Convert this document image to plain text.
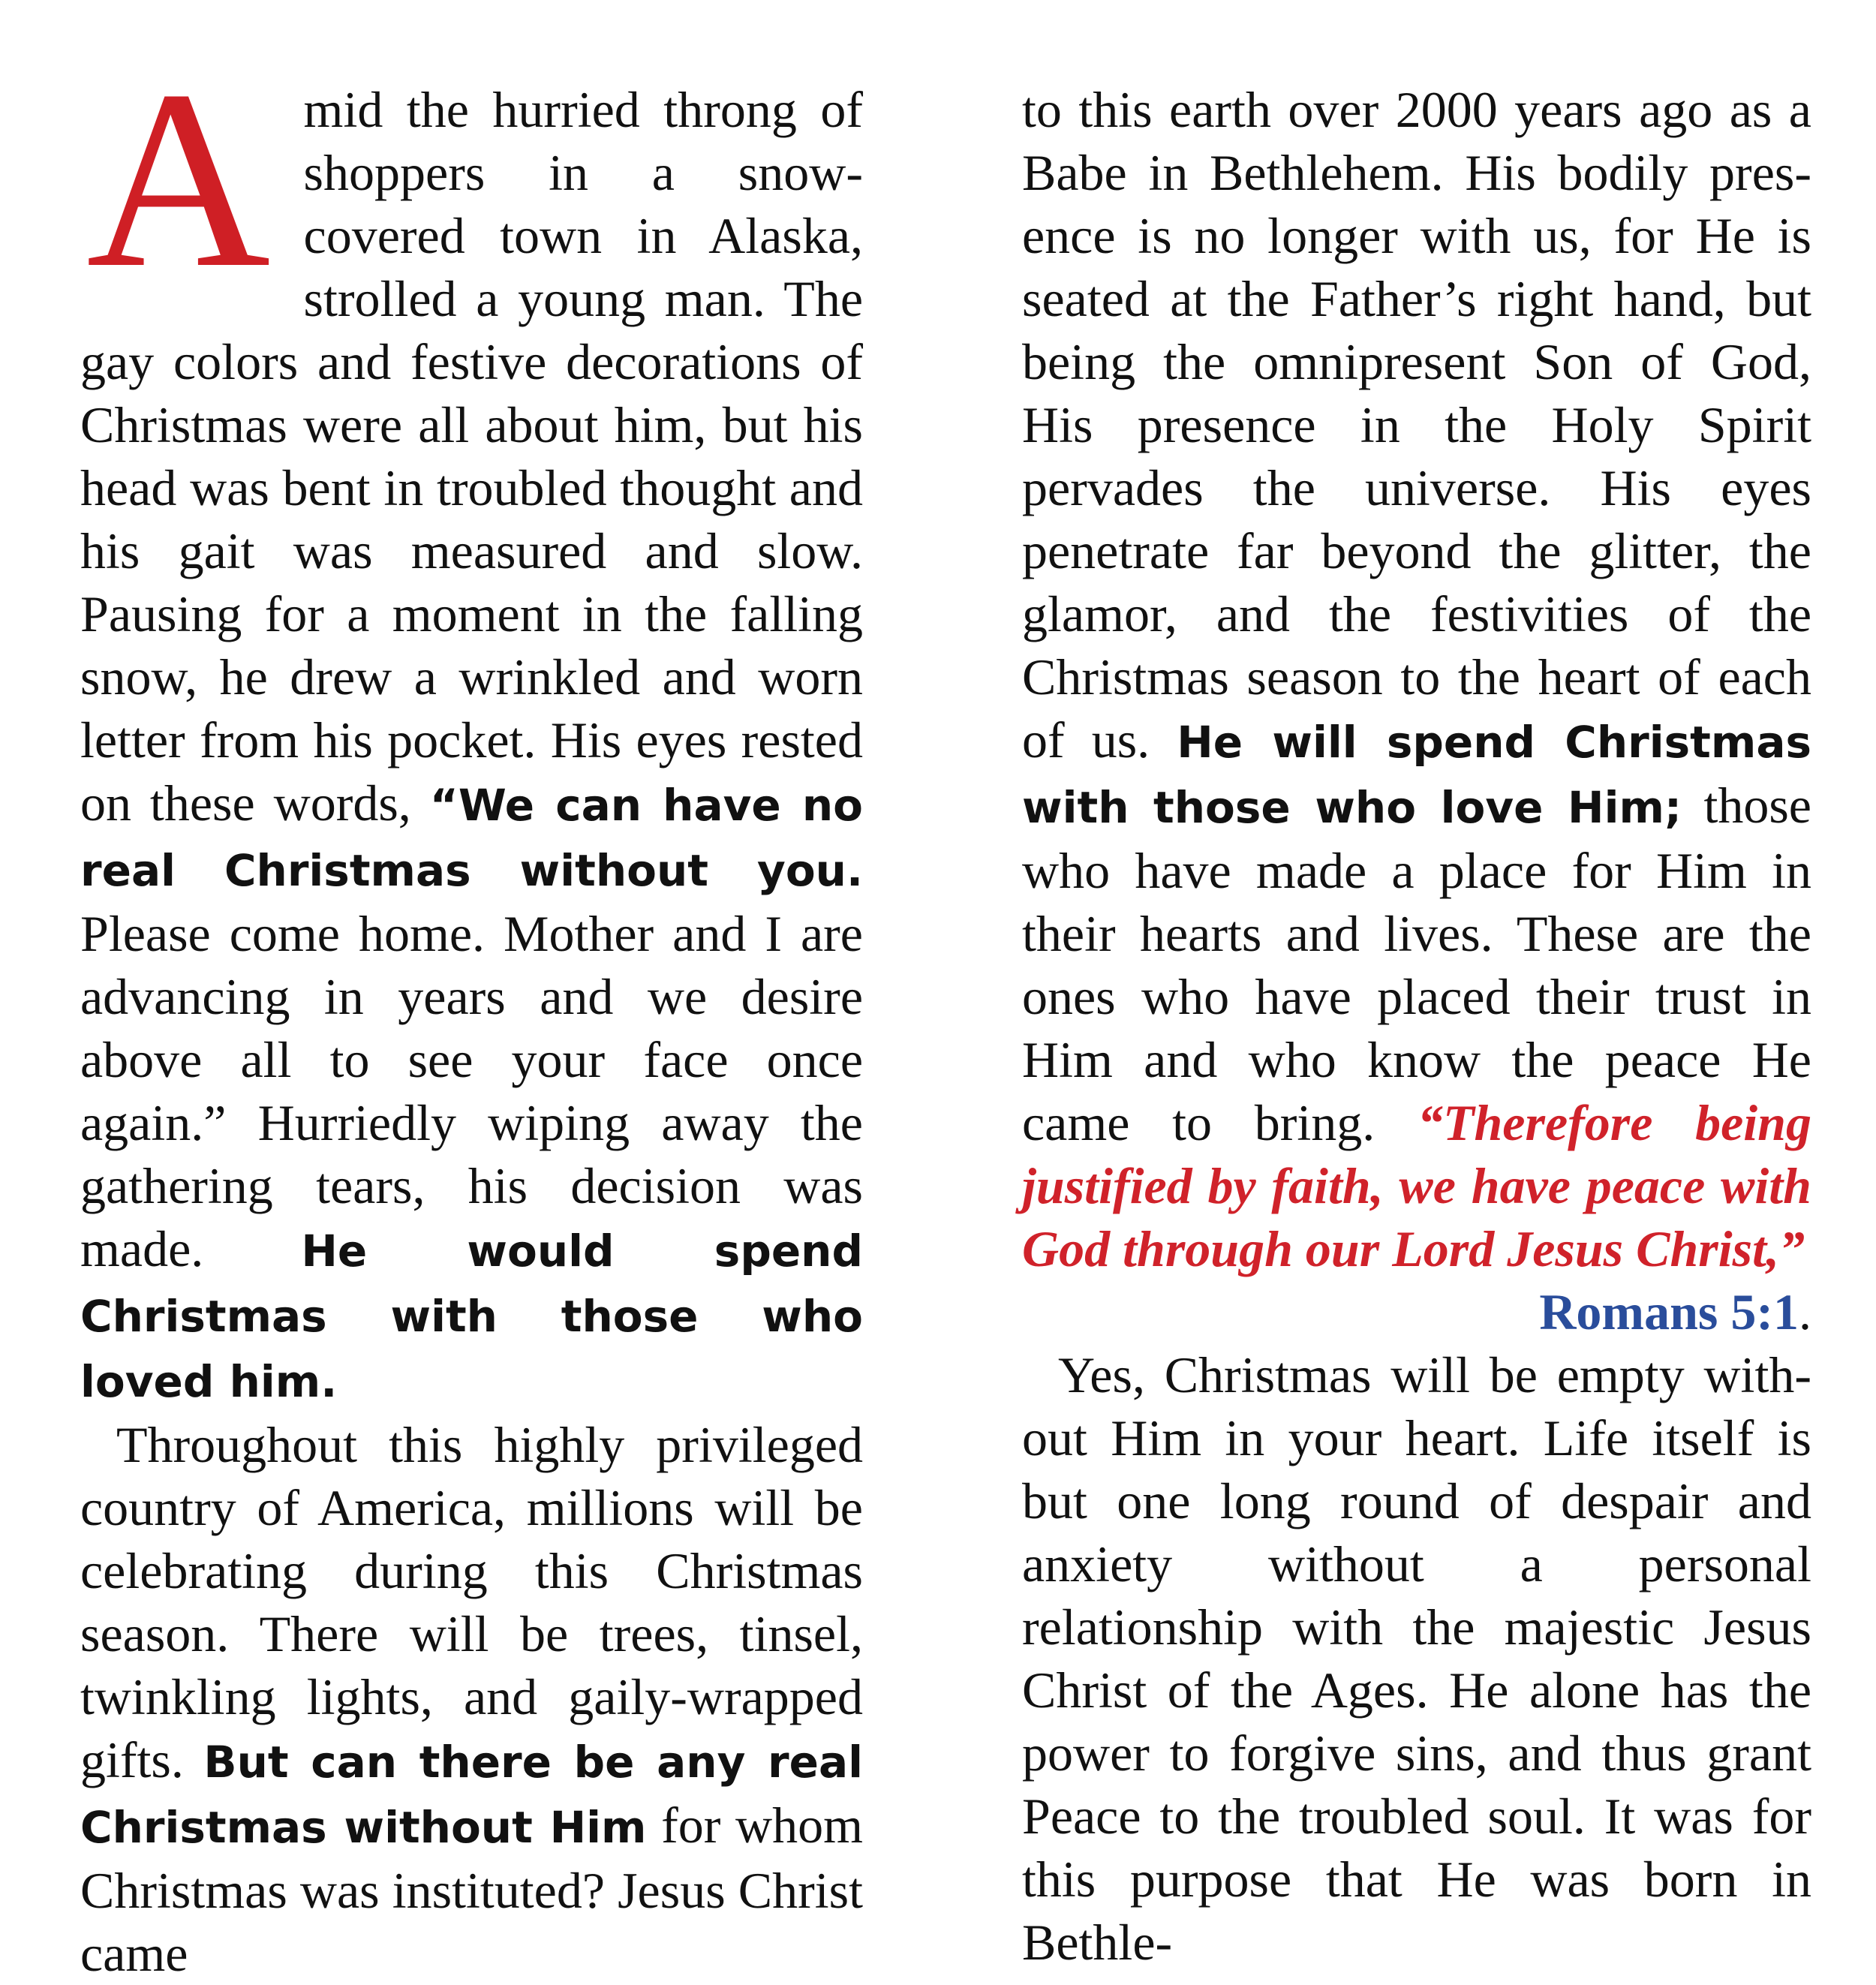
Amid the hurried throng of shoppers in a snow-covered town in Alaska, strolled a young man. The gay colors and festive decorations of Christmas were all about him, but his head was bent in troubled thought and his gait was measured and slow. Pausing for a moment in the falling snow, he drew a wrinkled and worn letter from his pocket. His eyes rested on these words, “We can have no real Christmas without you. Please come home. Mother and I are advancing in years and we desire above all to see your face once again.” Hurriedly wiping away the gathering tears, his decision was made. He would spend Christmas with those who loved him.

Throughout this highly privileged country of America, millions will be celebrating during this Christmas season. There will be trees, tinsel, twinkling lights, and gaily-wrapped gifts. But can there be any real Christmas without Him for whom Christmas was instituted? Jesus Christ came

to this earth over 2000 years ago as a Babe in Bethlehem. His bodily presence is no longer with us, for He is seated at the Father’s right hand, but being the omnipresent Son of God, His presence in the Holy Spirit pervades the universe. His eyes penetrate far beyond the glitter, the glamor, and the festivities of the Christmas season to the heart of each of us. He will spend Christmas with those who love Him; those who have made a place for Him in their hearts and lives. These are the ones who have placed their trust in Him and who know the peace He came to bring. “Therefore being justified by faith, we have peace with God through our Lord Jesus Christ,”

Romans 5:1.

Yes, Christmas will be empty without Him in your heart. Life itself is but one long round of despair and anxiety without a personal relationship with the majestic Jesus Christ of the Ages. He alone has the power to forgive sins, and thus grant Peace to the troubled soul. It was for this purpose that He was born in Bethle-
